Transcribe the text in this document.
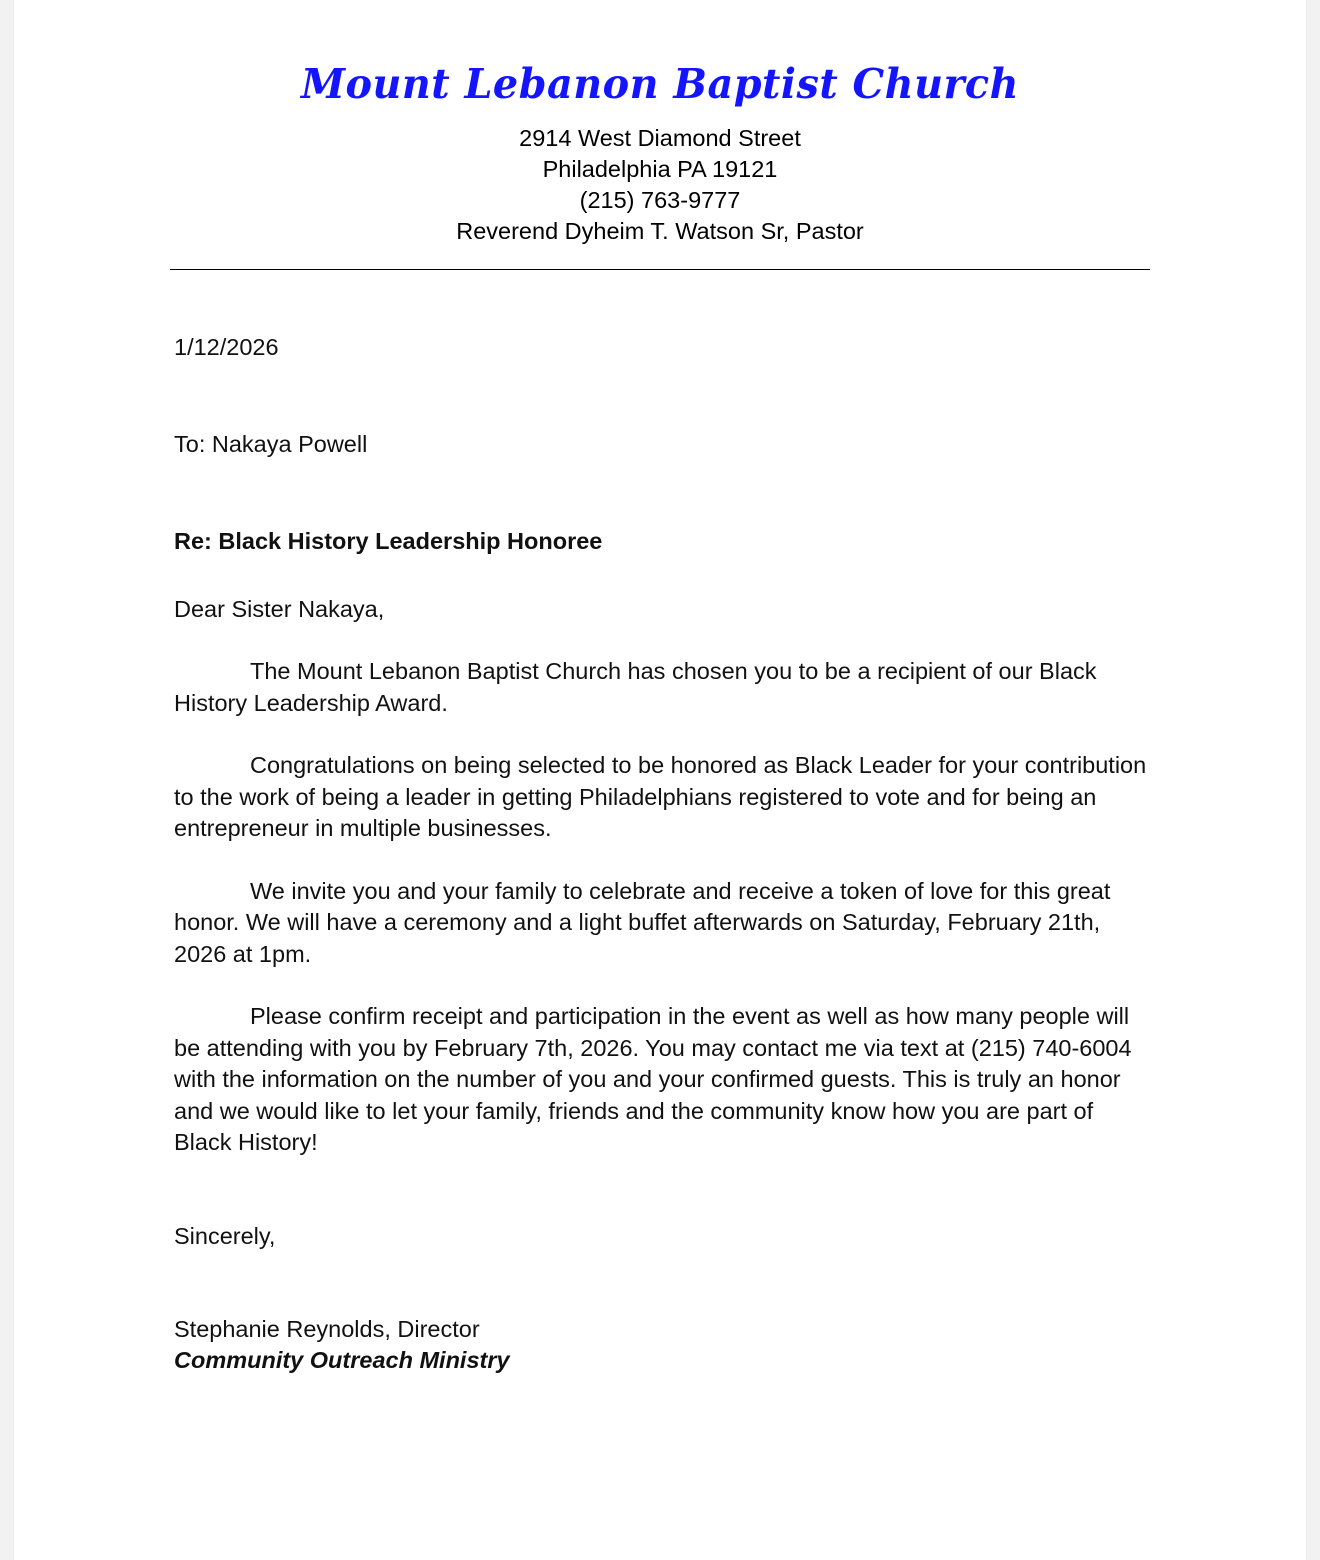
Mount Lebanon Baptist Church
2914 West Diamond Street
Philadelphia PA 19121
(215) 763-9777
Reverend Dyheim T. Watson Sr, Pastor
1/12/2026
To: Nakaya Powell
Re: Black History Leadership Honoree
Dear Sister Nakaya,

The Mount Lebanon Baptist Church has chosen you to be a recipient of our Black History Leadership Award.

Congratulations on being selected to be honored as Black Leader for your contribution to the work of being a leader in getting Philadelphians registered to vote and for being an entrepreneur in multiple businesses.

We invite you and your family to celebrate and receive a token of love for this great honor. We will have a ceremony and a light buffet afterwards on Saturday, February 21th, 2026 at 1pm.

Please confirm receipt and participation in the event as well as how many people will be attending with you by February 7th, 2026. You may contact me via text at (215) 740-6004 with the information on the number of you and your confirmed guests. This is truly an honor and we would like to let your family, friends and the community know how you are part of Black History!

Sincerely,
Stephanie Reynolds, Director
Community Outreach Ministry
